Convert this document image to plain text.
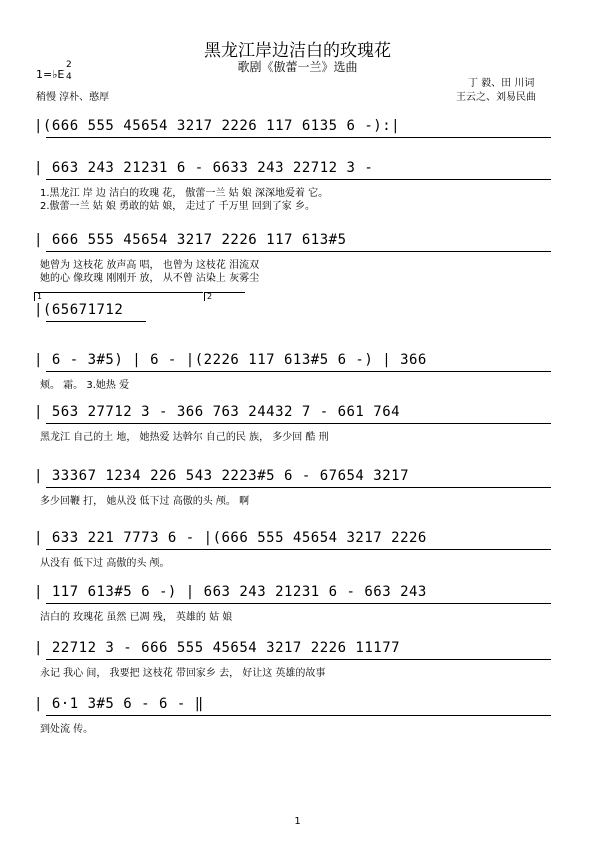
黑龙江岸边洁白的玫瑰花
歌剧《傲蕾一兰》选曲
1=♭E
2
4
稍慢 淳朴、憨厚
丁 毅、田 川词
王云之、刘易民曲
|(666 555 45654 3217 2226 117 6135 6 -):|
| 663 243 21231 6 - 6633 243 22712 3 -
1.黑龙江 岸 边 洁白的玫瑰 花， 傲蕾一兰 姑 娘 深深地爱着 它。
2.傲蕾一兰 姑 娘 勇敢的姑 娘， 走过了 千万里 回到了家 乡。
| 666 555 45654 3217 2226 117 613#5
她曾为 这枝花 放声高 唱， 也曾为 这枝花 泪流双
她的心 像玫瑰 刚刚开 放， 从不曾 沾染上 灰雾尘
|(65671712
| 6 - 3#5) | 6 - |(2226 117 613#5 6 -) | 366
颊。 霜。 3.她热 爱
| 563 27712 3 - 366 763 24432 7 - 661 764
黑龙江 自己的土 地， 她热爱 达斡尔 自己的民 族， 多少回 酷 刑
| 33367 1234 226 543 2223#5 6 - 67654 3217
多少回鞭 打， 她从没 低下过 高傲的头 颅。 啊
| 633 221 7773 6 - |(666 555 45654 3217 2226
从没有 低下过 高傲的头 颅。
| 117 613#5 6 -) | 663 243 21231 6 - 663 243
洁白的 玫瑰花 虽然 已凋 残， 英雄的 姑 娘
| 22712 3 - 666 555 45654 3217 2226 11177
永记 我心 间， 我要把 这枝花 带回家乡 去， 好让这 英雄的故事
| 6·1 3#5 6 - 6 - ‖
到处流 传。
1	2
1
